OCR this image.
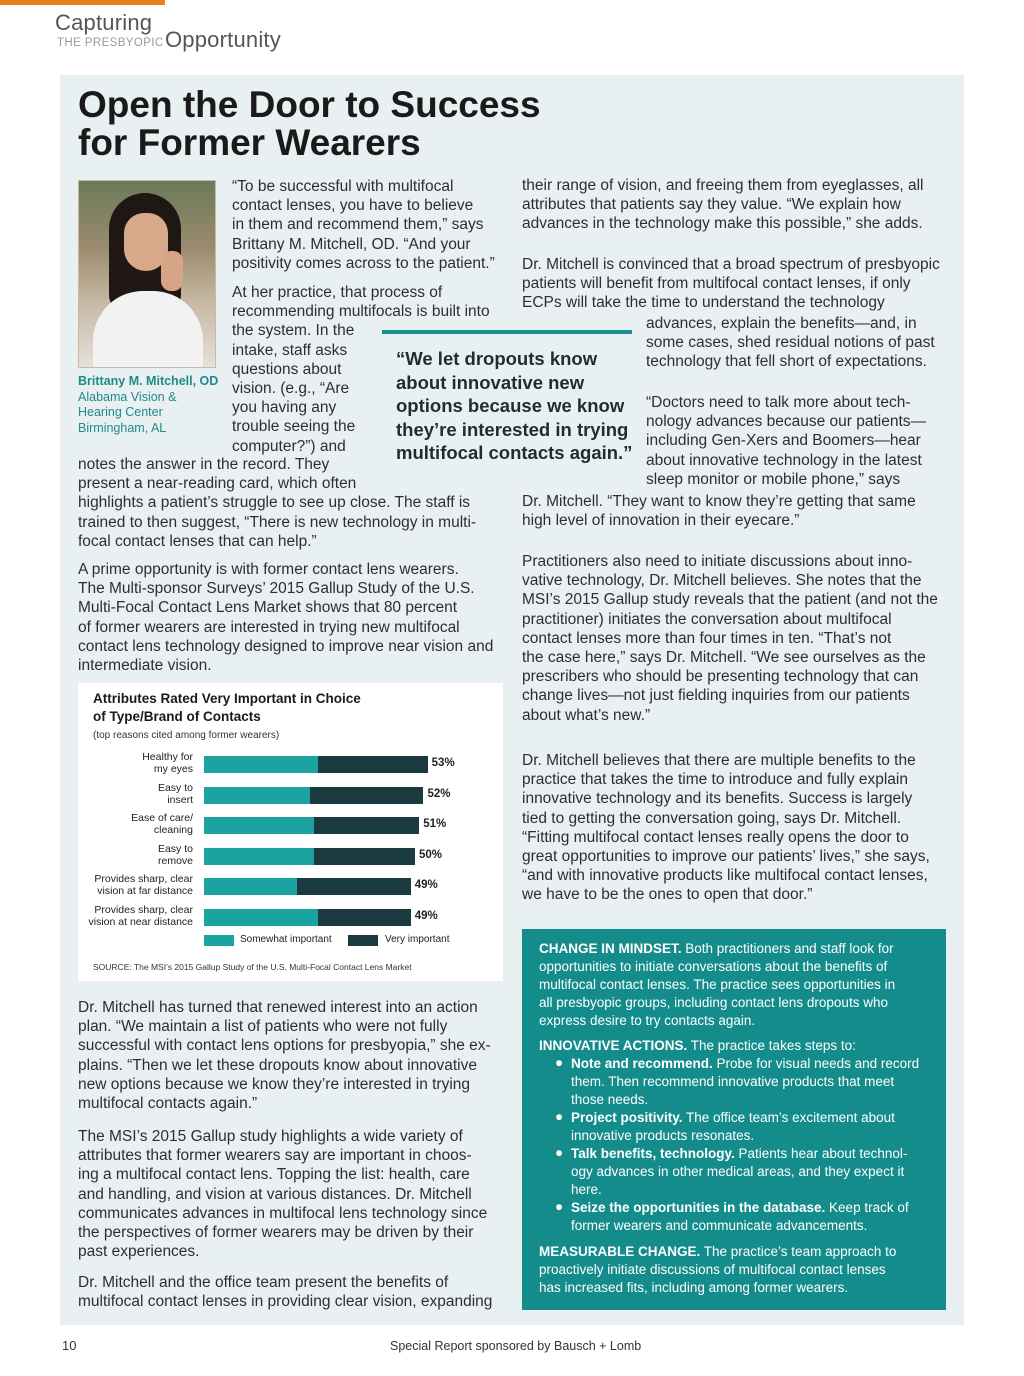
Capturing
THE PRESBYOPIC Opportunity
Open the Door to Success
for Former Wearers
Brittany M. Mitchell, OD
Alabama Vision &
Hearing Center
Birmingham, AL
“We let dropouts know
about innovative new
options because we know
they’re interested in trying
multifocal contacts again.”
“To be successful with multifocal
contact lenses, you have to believe
in them and recommend them,” says
Brittany M. Mitchell, OD. “And your
positivity comes across to the patient.”
At her practice, that process of
recommending multifocals is built into
the system. In the
intake, staff asks
questions about
vision. (e.g., “Are
you having any
trouble seeing the
computer?”) and
notes the answer in the record. They
present a near-reading card, which often
highlights a patient’s struggle to see up close. The staff is
trained to then suggest, “There is new technology in multi-
focal contact lenses that can help.”
A prime opportunity is with former contact lens wearers.
The Multi-sponsor Surveys’ 2015 Gallup Study of the U.S.
Multi-Focal Contact Lens Market shows that 80 percent
of former wearers are interested in trying new multifocal
contact lens technology designed to improve near vision and
intermediate vision.
Attributes Rated Very Important in Choice
of Type/Brand of Contacts
(top reasons cited among former wearers)
Healthy for
my eyes	53%
Easy to
insert	52%
Ease of care/
cleaning	51%
Easy to
remove	50%
Provides sharp, clear
vision at far distance	49%
Provides sharp, clear
vision at near distance	49%
Somewhat important	Very important
SOURCE: The MSI’s 2015 Gallup Study of the U.S. Multi-Focal Contact Lens Market
Dr. Mitchell has turned that renewed interest into an action
plan. “We maintain a list of patients who were not fully
successful with contact lens options for presbyopia,” she ex-
plains. “Then we let these dropouts know about innovative
new options because we know they’re interested in trying
multifocal contacts again.”
The MSI’s 2015 Gallup study highlights a wide variety of
attributes that former wearers say are important in choos-
ing a multifocal contact lens. Topping the list: health, care
and handling, and vision at various distances. Dr. Mitchell
communicates advances in multifocal lens technology since
the perspectives of former wearers may be driven by their
past experiences.
Dr. Mitchell and the office team present the benefits of
multifocal contact lenses in providing clear vision, expanding
their range of vision, and freeing them from eyeglasses, all
attributes that patients say they value. “We explain how
advances in the technology make this possible,” she adds.
Dr. Mitchell is convinced that a broad spectrum of presbyopic
patients will benefit from multifocal contact lenses, if only
ECPs will take the time to understand the technology
advances, explain the benefits—and, in
some cases, shed residual notions of past
technology that fell short of expectations.
“Doctors need to talk more about tech-
nology advances because our patients—
including Gen-Xers and Boomers—hear
about innovative technology in the latest
sleep monitor or mobile phone,” says
Dr. Mitchell. “They want to know they’re getting that same
high level of innovation in their eyecare.”
Practitioners also need to initiate discussions about inno-
vative technology, Dr. Mitchell believes. She notes that the
MSI’s 2015 Gallup study reveals that the patient (and not the
practitioner) initiates the conversation about multifocal
contact lenses more than four times in ten. “That’s not
the case here,” says Dr. Mitchell. “We see ourselves as the
prescribers who should be presenting technology that can
change lives—not just fielding inquiries from our patients
about what’s new.”
Dr. Mitchell believes that there are multiple benefits to the
practice that takes the time to introduce and fully explain
innovative technology and its benefits. Success is largely
tied to getting the conversation going, says Dr. Mitchell.
“Fitting multifocal contact lenses really opens the door to
great opportunities to improve our patients’ lives,” she says,
“and with innovative products like multifocal contact lenses,
we have to be the ones to open that door.”
CHANGE IN MINDSET. Both practitioners and staff look for
opportunities to initiate conversations about the benefits of
multifocal contact lenses. The practice sees opportunities in
all presbyopic groups, including contact lens dropouts who
express desire to try contacts again.
INNOVATIVE ACTIONS. The practice takes steps to:
● Note and recommend. Probe for visual needs and record
them. Then recommend innovative products that meet
those needs.
● Project positivity. The office team’s excitement about
innovative products resonates.
● Talk benefits, technology. Patients hear about technol-
ogy advances in other medical areas, and they expect it
here.
● Seize the opportunities in the database. Keep track of
former wearers and communicate advancements.
MEASURABLE CHANGE. The practice’s team approach to
proactively initiate discussions of multifocal contact lenses
has increased fits, including among former wearers.
10	Special Report sponsored by Bausch + Lomb
